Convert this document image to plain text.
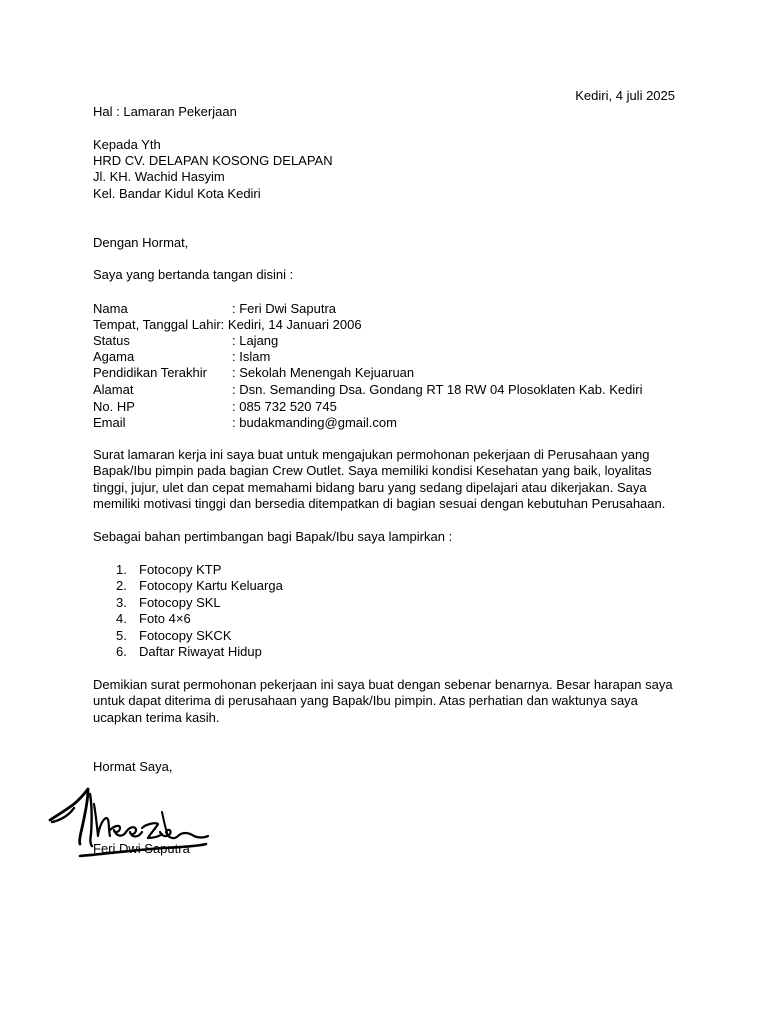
Kediri, 4 juli 2025
Hal : Lamaran Pekerjaan
Kepada Yth
HRD CV. DELAPAN KOSONG DELAPAN
Jl. KH. Wachid Hasyim
Kel. Bandar Kidul Kota Kediri
Dengan Hormat,
Saya yang bertanda tangan disini :
Nama	: Feri Dwi Saputra
Tempat, Tanggal Lahir: Kediri, 14 Januari 2006
Status	: Lajang
Agama	: Islam
Pendidikan Terakhir : Sekolah Menengah Kejuaruan
Alamat	: Dsn. Semanding Dsa. Gondang RT 18 RW 04 Plosoklaten Kab. Kediri
No. HP	: 085 732 520 745
Email	: budakmanding@gmail.com
Surat lamaran kerja ini saya buat untuk mengajukan permohonan pekerjaan di Perusahaan yang
Bapak/Ibu pimpin pada bagian Crew Outlet. Saya memiliki kondisi Kesehatan yang baik, loyalitas
tinggi, jujur, ulet dan cepat memahami bidang baru yang sedang dipelajari atau dikerjakan. Saya
memiliki motivasi tinggi dan bersedia ditempatkan di bagian sesuai dengan kebutuhan Perusahaan.
Sebagai bahan pertimbangan bagi Bapak/Ibu saya lampirkan :
1. Fotocopy KTP
2. Fotocopy Kartu Keluarga
3. Fotocopy SKL
4. Foto 4×6
5. Fotocopy SKCK
6. Daftar Riwayat Hidup
Demikian surat permohonan pekerjaan ini saya buat dengan sebenar benarnya. Besar harapan saya
untuk dapat diterima di perusahaan yang Bapak/Ibu pimpin. Atas perhatian dan waktunya saya
ucapkan terima kasih.
Hormat Saya,
Feri Dwi Saputra
